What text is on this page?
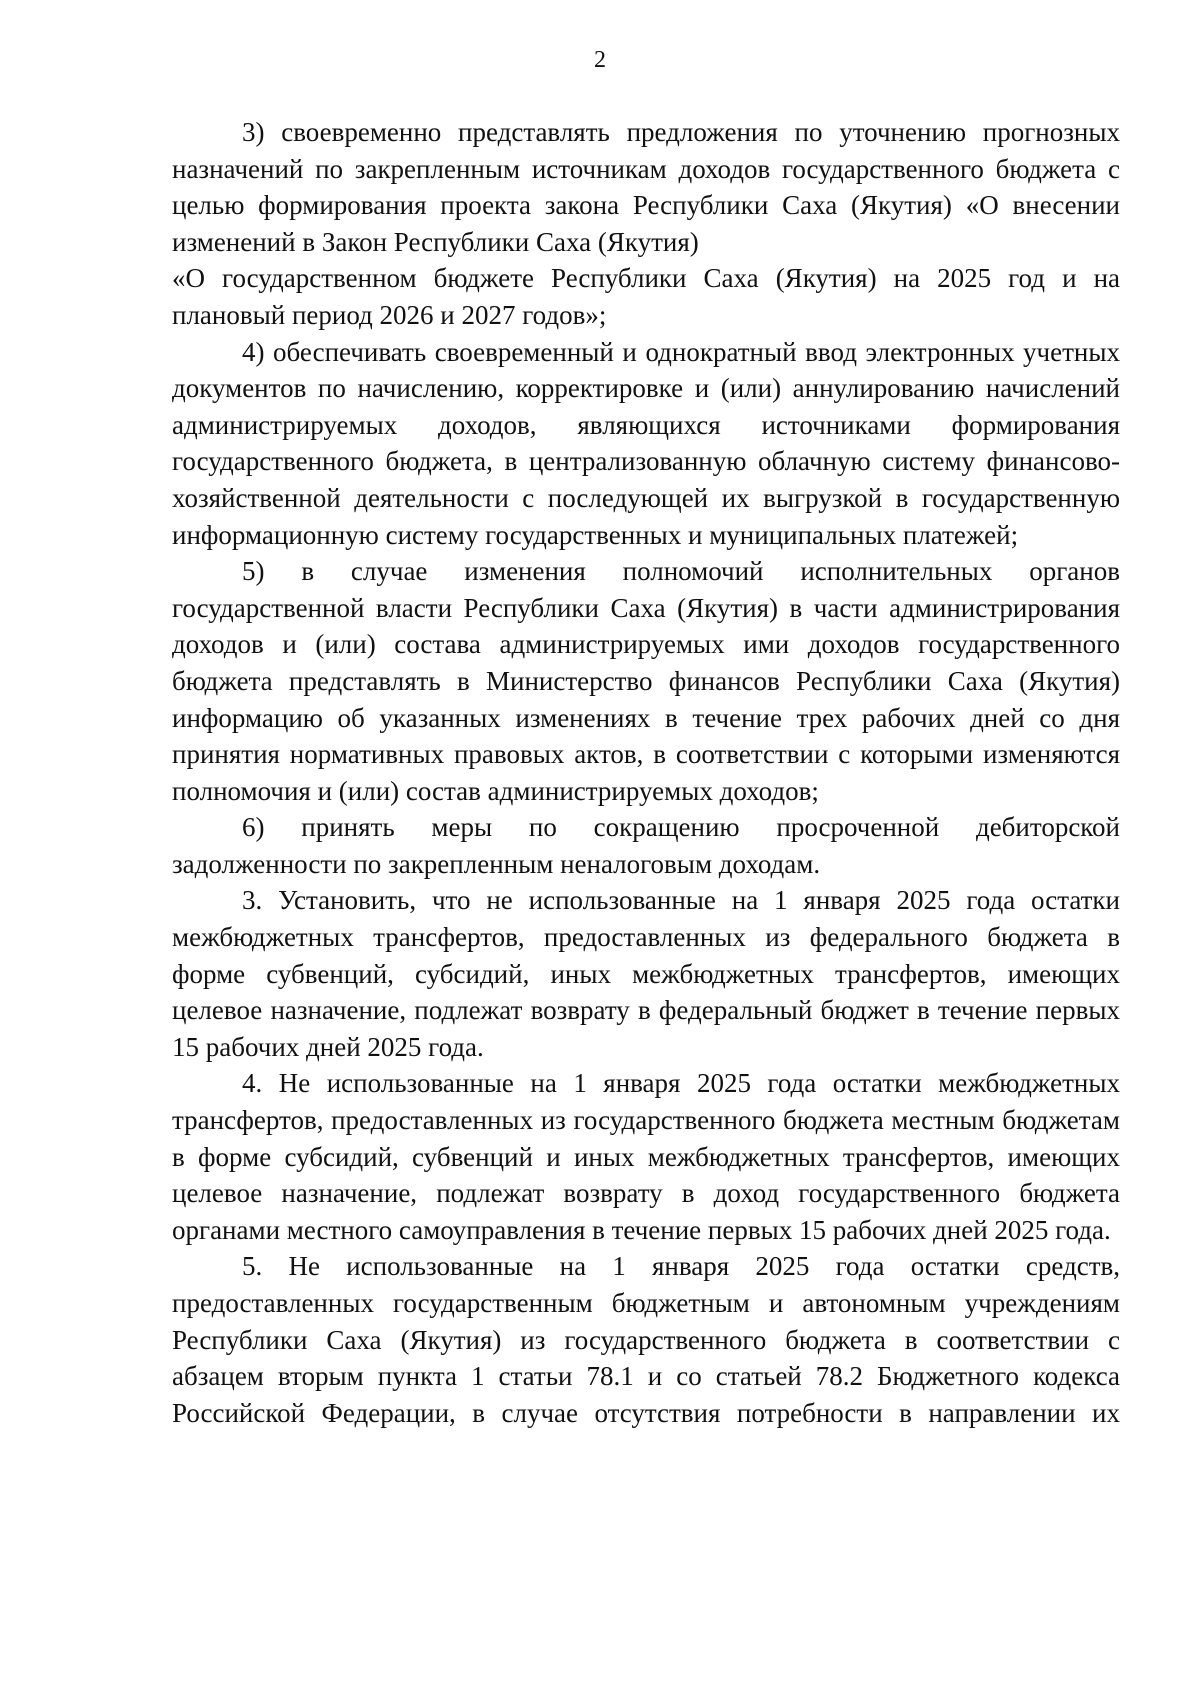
2

3) своевременно представлять предложения по уточнению прогнозных назначений по закрепленным источникам доходов государственного бюджета с целью формирования проекта закона Республики Саха (Якутия) «О внесении изменений в Закон Республики Саха (Якутия)
«О государственном бюджете Республики Саха (Якутия) на 2025 год и на плановый период 2026 и 2027 годов»;

4) обеспечивать своевременный и однократный ввод электронных учетных документов по начислению, корректировке и (или) аннулированию начислений администрируемых доходов, являющихся источниками формирования государственного бюджета, в централизованную облачную систему финансово-хозяйственной деятельности с последующей их выгрузкой в государственную информационную систему государственных и муниципальных платежей;

5) в случае изменения полномочий исполнительных органов государственной власти Республики Саха (Якутия) в части администрирования доходов и (или) состава администрируемых ими доходов государственного бюджета представлять в Министерство финансов Республики Саха (Якутия) информацию об указанных изменениях в течение трех рабочих дней со дня принятия нормативных правовых актов, в соответствии с которыми изменяются полномочия и (или) состав администрируемых доходов;

6) принять меры по сокращению просроченной дебиторской задолженности по закрепленным неналоговым доходам.

3. Установить, что не использованные на 1 января 2025 года остатки межбюджетных трансфертов, предоставленных из федерального бюджета в форме субвенций, субсидий, иных межбюджетных трансфертов, имеющих целевое назначение, подлежат возврату в федеральный бюджет в течение первых 15 рабочих дней 2025 года.

4. Не использованные на 1 января 2025 года остатки межбюджетных трансфертов, предоставленных из государственного бюджета местным бюджетам в форме субсидий, субвенций и иных межбюджетных трансфертов, имеющих целевое назначение, подлежат возврату в доход государственного бюджета органами местного самоуправления в течение первых 15 рабочих дней 2025 года.

5. Не использованные на 1 января 2025 года остатки средств, предоставленных государственным бюджетным и автономным учреждениям Республики Саха (Якутия) из государственного бюджета в соответствии с абзацем вторым пункта 1 статьи 78.1 и со статьей 78.2 Бюджетного кодекса Российской Федерации, в случае отсутствия потребности в направлении их
